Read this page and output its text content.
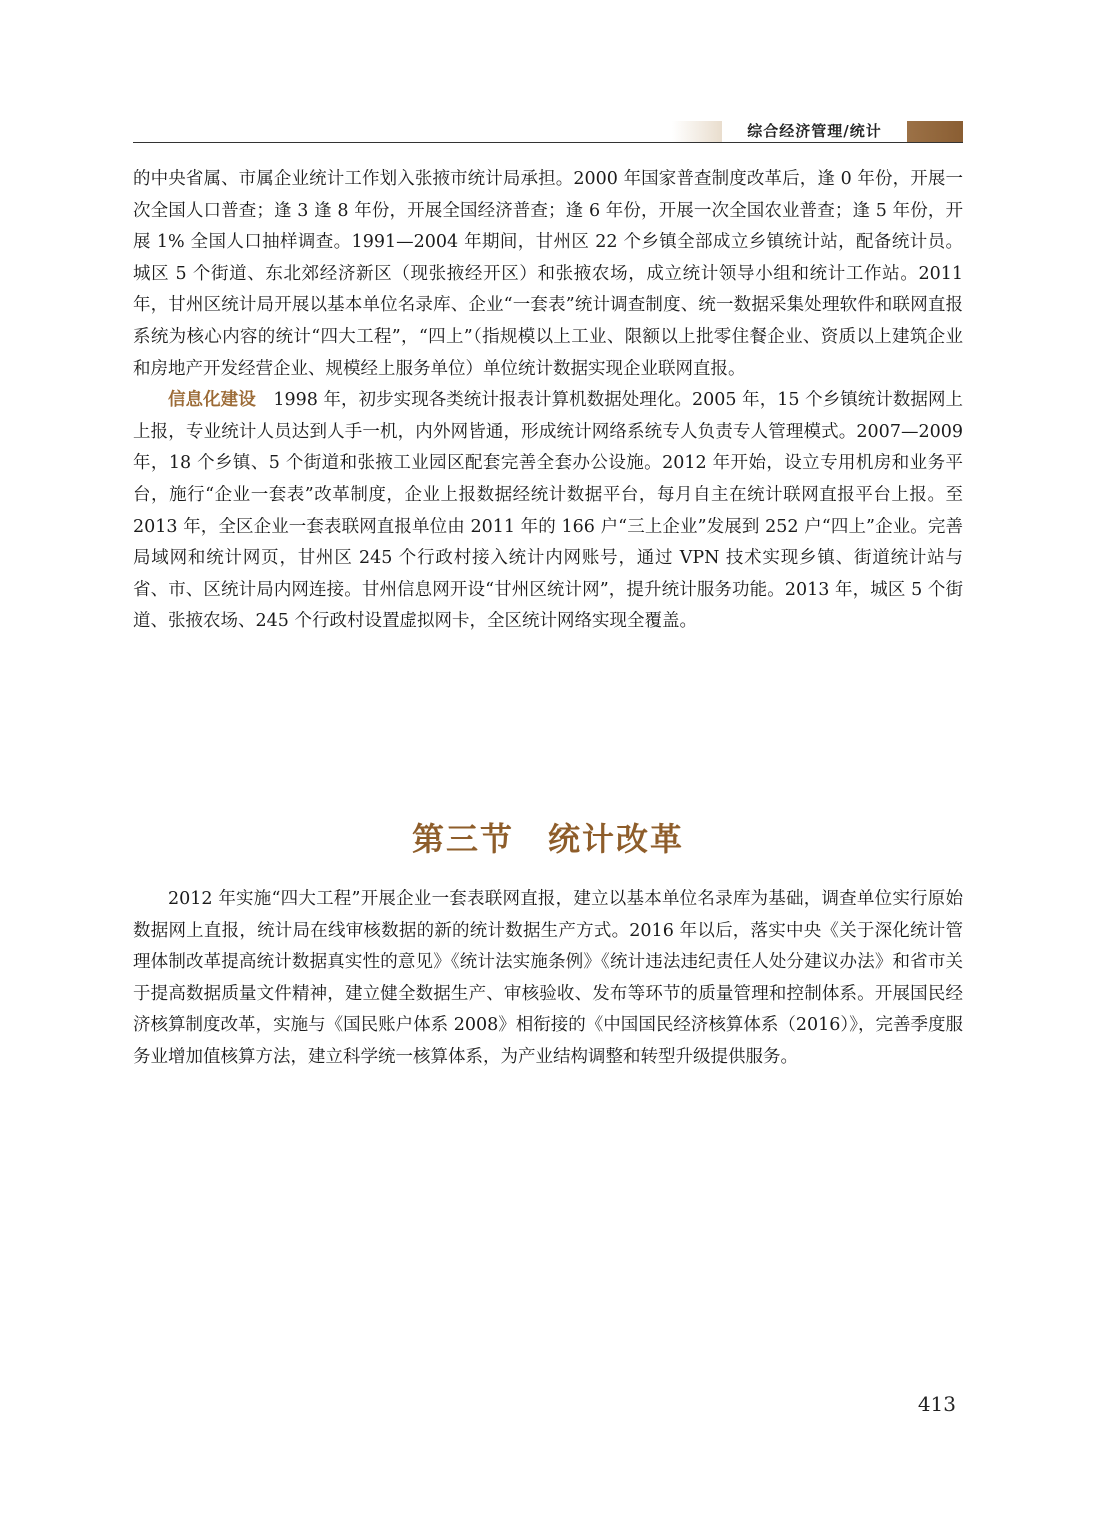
综合经济管理/统计

的中央省属、市属企业统计工作划入张掖市统计局承担。2000 年国家普查制度改革后，逢 0 年份，开展一次全国人口普查；逢 3 逢 8 年份，开展全国经济普查；逢 6 年份，开展一次全国农业普查；逢 5 年份，开展 1% 全国人口抽样调查。1991—2004 年期间，甘州区 22 个乡镇全部成立乡镇统计站，配备统计员。城区 5 个街道、东北郊经济新区（现张掖经开区）和张掖农场，成立统计领导小组和统计工作站。2011 年，甘州区统计局开展以基本单位名录库、企业“一套表”统计调查制度、统一数据采集处理软件和联网直报系统为核心内容的统计“四大工程”，“四上”（指规模以上工业、限额以上批零住餐企业、资质以上建筑企业和房地产开发经营企业、规模经上服务单位）单位统计数据实现企业联网直报。

信息化建设　 1998 年，初步实现各类统计报表计算机数据处理化。2005 年，15 个乡镇统计数据网上上报，专业统计人员达到人手一机，内外网皆通，形成统计网络系统专人负责专人管理模式。2007—2009 年，18 个乡镇、5 个街道和张掖工业园区配套完善全套办公设施。2012 年开始，设立专用机房和业务平台，施行“企业一套表”改革制度，企业上报数据经统计数据平台，每月自主在统计联网直报平台上报。至 2013 年，全区企业一套表联网直报单位由 2011 年的 166 户“三上企业”发展到 252 户“四上”企业。完善局域网和统计网页，甘州区 245 个行政村接入统计内网账号，通过 VPN 技术实现乡镇、街道统计站与省、市、区统计局内网连接。甘州信息网开设“甘州区统计网”，提升统计服务功能。2013 年，城区 5 个街道、张掖农场、245 个行政村设置虚拟网卡，全区统计网络实现全覆盖。

第三节　统计改革

2012 年实施“四大工程”开展企业一套表联网直报，建立以基本单位名录库为基础，调查单位实行原始数据网上直报，统计局在线审核数据的新的统计数据生产方式。2016 年以后，落实中央《关于深化统计管理体制改革提高统计数据真实性的意见》《统计法实施条例》《统计违法违纪责任人处分建议办法》和省市关于提高数据质量文件精神，建立健全数据生产、审核验收、发布等环节的质量管理和控制体系。开展国民经济核算制度改革，实施与《国民账户体系 2008》相衔接的《中国国民经济核算体系（2016）》，完善季度服务业增加值核算方法，建立科学统一核算体系，为产业结构调整和转型升级提供服务。

413
